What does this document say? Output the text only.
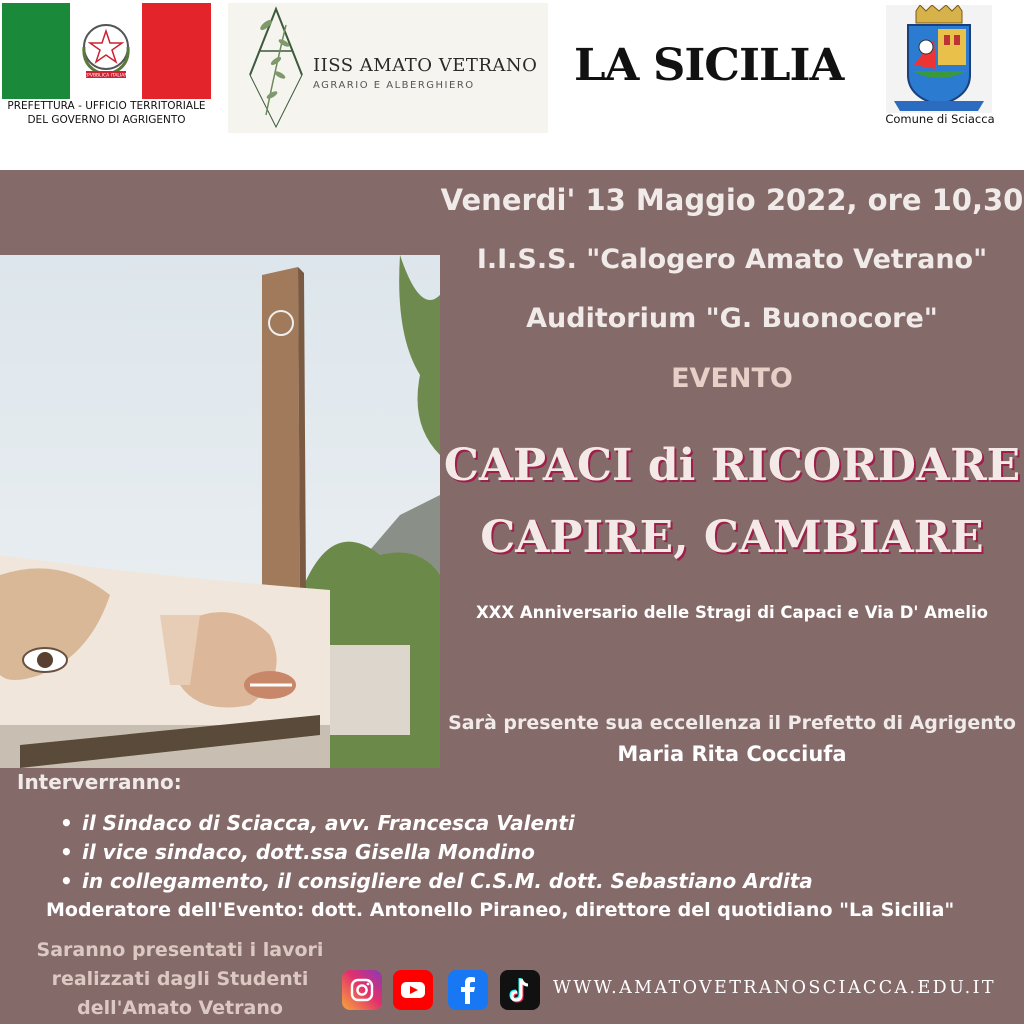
REPVBBLICA ITALIANA
PREFETTURA - UFFICIO TERRITORIALE
DEL GOVERNO DI AGRIGENTO
IISS AMATO VETRANO
AGRARIO E ALBERGHIERO LA SICILIA
Comune di Sciacca
Venerdi' 13 Maggio 2022, ore 10,30
I.I.S.S. "Calogero Amato Vetrano"
Auditorium "G. Buonocore"
EVENTO
CAPACI di RICORDARE
CAPIRE, CAMBIARE
XXX Anniversario delle Stragi di Capaci e Via D' Amelio
Sarà presente sua eccellenza il Prefetto di Agrigento
Maria Rita Cocciufa
Interverranno:
• il Sindaco di Sciacca, avv. Francesca Valenti
• il vice sindaco, dott.ssa Gisella Mondino
• in collegamento, il consigliere del C.S.M. dott. Sebastiano Ardita
Moderatore dell'Evento: dott. Antonello Piraneo, direttore del quotidiano "La Sicilia"
Saranno presentati i lavori
realizzati dagli Studenti
dell'Amato Vetrano
WWW.AMATOVETRANOSCIACCA.EDU.IT
